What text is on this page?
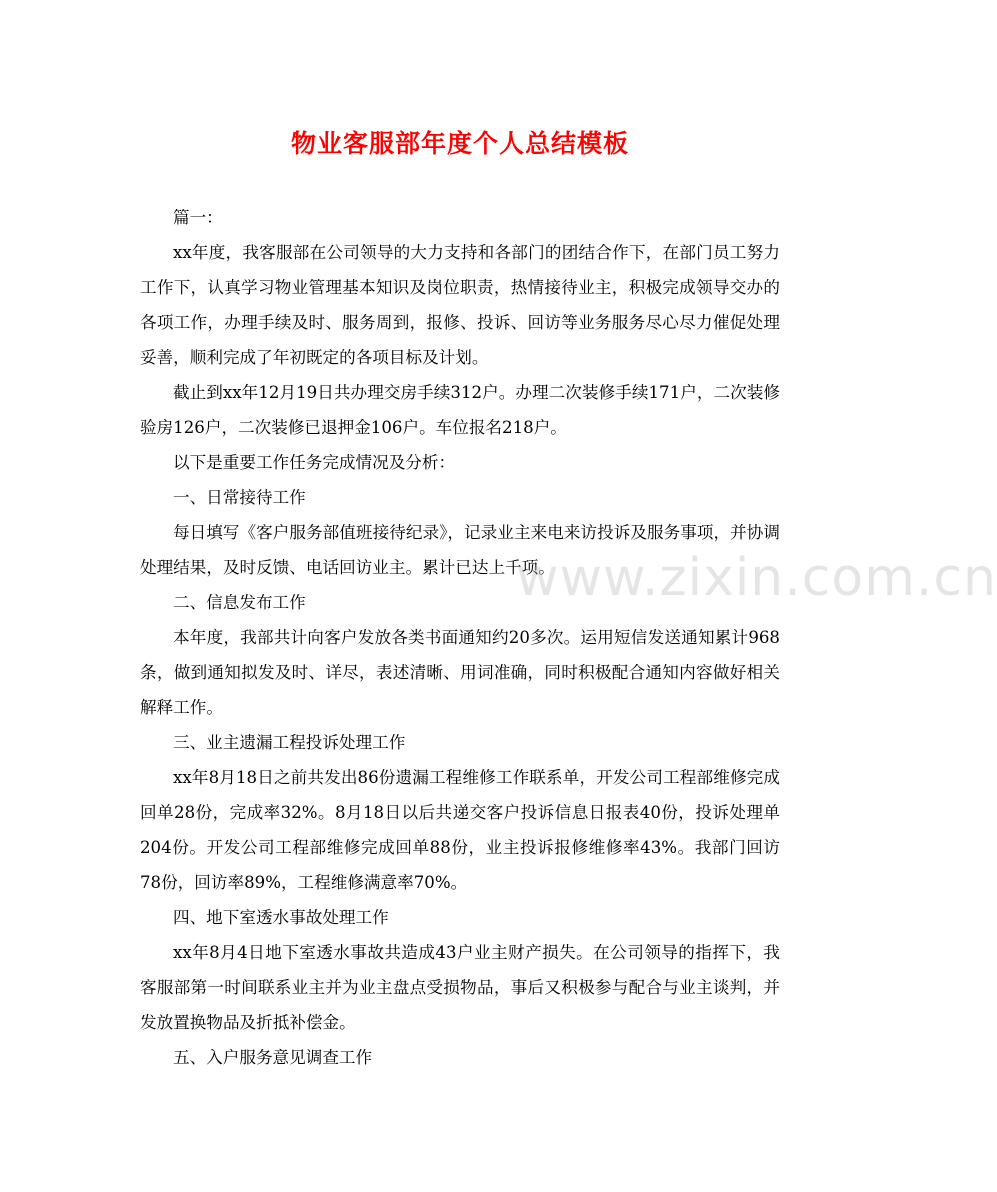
物业客服部年度个人总结模板

篇一：

xx年度，我客服部在公司领导的大力支持和各部门的团结合作下，在部门员工努力工作下，认真学习物业管理基本知识及岗位职责，热情接待业主，积极完成领导交办的各项工作，办理手续及时、服务周到，报修、投诉、回访等业务服务尽心尽力催促处理妥善，顺利完成了年初既定的各项目标及计划。

截止到xx年12月19日共办理交房手续312户。办理二次装修手续171户，二次装修验房126户，二次装修已退押金106户。车位报名218户。

以下是重要工作任务完成情况及分析：

一、日常接待工作

每日填写《客户服务部值班接待纪录》，记录业主来电来访投诉及服务事项，并协调处理结果，及时反馈、电话回访业主。累计已达上千项。

二、信息发布工作

本年度，我部共计向客户发放各类书面通知约20多次。运用短信发送通知累计968条，做到通知拟发及时、详尽，表述清晰、用词准确，同时积极配合通知内容做好相关解释工作。

三、业主遗漏工程投诉处理工作

xx年8月18日之前共发出86份遗漏工程维修工作联系单，开发公司工程部维修完成回单28份，完成率32%。8月18日以后共递交客户投诉信息日报表40份，投诉处理单204份。开发公司工程部维修完成回单88份，业主投诉报修维修率43%。我部门回访78份，回访率89%，工程维修满意率70%。

四、地下室透水事故处理工作

xx年8月4日地下室透水事故共造成43户业主财产损失。在公司领导的指挥下，我客服部第一时间联系业主并为业主盘点受损物品，事后又积极参与配合与业主谈判，并发放置换物品及折抵补偿金。

五、入户服务意见调查工作

www.zixin.com.cn
